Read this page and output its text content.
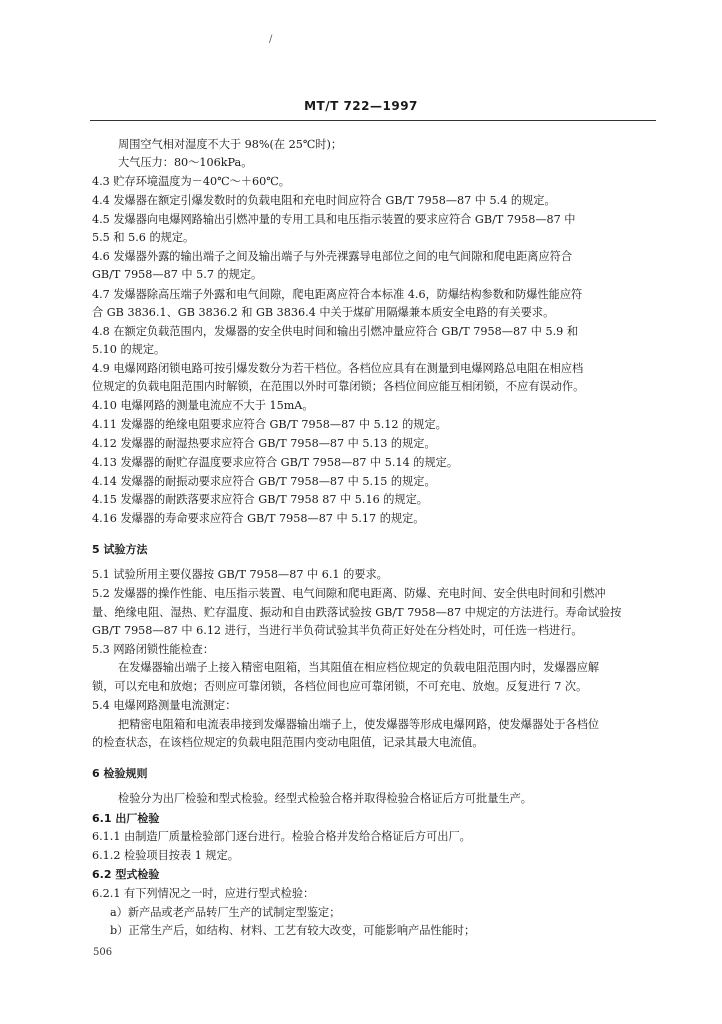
/
MT/T 722—1997
周围空气相对湿度不大于 98%(在 25℃时)；
大气压力：80～106kPa。
4.3 贮存环境温度为－40℃～＋60℃。
4.4 发爆器在额定引爆发数时的负载电阻和充电时间应符合 GB/T 7958—87 中 5.4 的规定。
4.5 发爆器向电爆网路输出引燃冲量的专用工具和电压指示装置的要求应符合 GB/T 7958—87 中
5.5 和 5.6 的规定。
4.6 发爆器外露的输出端子之间及输出端子与外壳裸露导电部位之间的电气间隙和爬电距离应符合
GB/T 7958—87 中 5.7 的规定。
4.7 发爆器除高压端子外露和电气间隙，爬电距离应符合本标准 4.6，防爆结构参数和防爆性能应符
合 GB 3836.1、GB 3836.2 和 GB 3836.4 中关于煤矿用隔爆兼本质安全电路的有关要求。
4.8 在额定负载范围内，发爆器的安全供电时间和输出引燃冲量应符合 GB/T 7958—87 中 5.9 和
5.10 的规定。
4.9 电爆网路闭锁电路可按引爆发数分为若干档位。各档位应具有在测量到电爆网路总电阻在相应档
位规定的负载电阻范围内时解锁，在范围以外时可靠闭锁；各档位间应能互相闭锁，不应有误动作。
4.10 电爆网路的测量电流应不大于 15mA。
4.11 发爆器的绝缘电阻要求应符合 GB/T 7958—87 中 5.12 的规定。
4.12 发爆器的耐湿热要求应符合 GB/T 7958—87 中 5.13 的规定。
4.13 发爆器的耐贮存温度要求应符合 GB/T 7958—87 中 5.14 的规定。
4.14 发爆器的耐振动要求应符合 GB/T 7958—87 中 5.15 的规定。
4.15 发爆器的耐跌落要求应符合 GB/T 7958 87 中 5.16 的规定。
4.16 发爆器的寿命要求应符合 GB/T 7958—87 中 5.17 的规定。
5 试验方法
5.1 试验所用主要仪器按 GB/T 7958—87 中 6.1 的要求。
5.2 发爆器的操作性能、电压指示装置、电气间隙和爬电距离、防爆、充电时间、安全供电时间和引燃冲
量、绝缘电阻、湿热、贮存温度、振动和自由跌落试验按 GB/T 7958—87 中规定的方法进行。寿命试验按
GB/T 7958—87 中 6.12 进行，当进行半负荷试验其半负荷正好处在分档处时，可任选一档进行。
5.3 网路闭锁性能检查：
在发爆器输出端子上接入精密电阻箱，当其阻值在相应档位规定的负载电阻范围内时，发爆器应解
锁，可以充电和放炮；否则应可靠闭锁，各档位间也应可靠闭锁，不可充电、放炮。反复进行 7 次。
5.4 电爆网路测量电流测定：
把精密电阻箱和电流表串接到发爆器输出端子上，使发爆器等形成电爆网路，使发爆器处于各档位
的检查状态，在该档位规定的负载电阻范围内变动电阻值，记录其最大电流值。
6 检验规则
检验分为出厂检验和型式检验。经型式检验合格并取得检验合格证后方可批量生产。
6.1 出厂检验
6.1.1 由制造厂质量检验部门逐台进行。检验合格并发给合格证后方可出厂。
6.1.2 检验项目按表 1 规定。
6.2 型式检验
6.2.1 有下列情况之一时，应进行型式检验：
a）新产品或老产品转厂生产的试制定型鉴定；
b）正常生产后，如结构、材料、工艺有较大改变，可能影响产品性能时；
506
